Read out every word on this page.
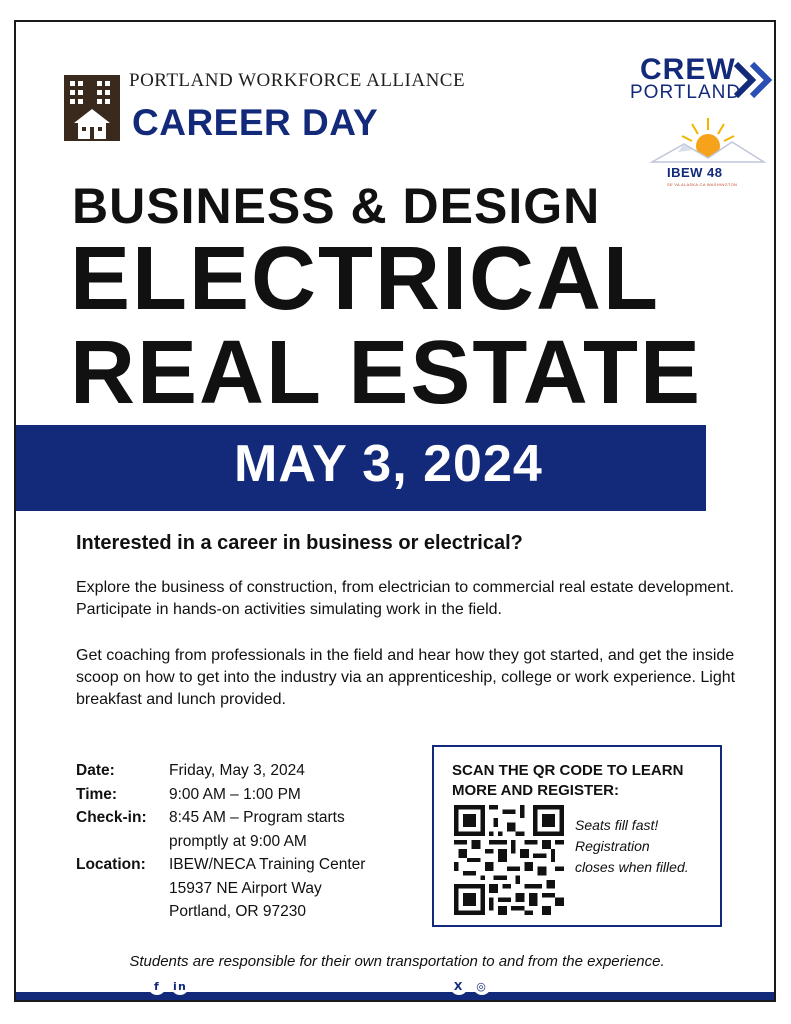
PORTLAND WORKFORCE ALLIANCE
CAREER DAY
CREW
PORTLAND
IBEW 48
SE VA ALASKA CA WASHINGTON
BUSINESS & DESIGN
ELECTRICAL
REAL ESTATE
MAY 3, 2024
Interested in a career in business or electrical?
Explore the business of construction, from electrician to commercial real estate development. Participate in hands-on activities simulating work in the field.
Get coaching from professionals in the field and hear how they got started, and get the inside scoop on how to get into the industry via an apprenticeship, college or work experience. Light breakfast and lunch provided.
Date:	Friday, May 3, 2024
Time:	9:00 AM – 1:00 PM
Check-in:	8:45 AM – Program starts
promptly at 9:00 AM
Location:	IBEW/NECA Training Center
15937 NE Airport Way
Portland, OR 97230
SCAN THE QR CODE TO LEARN MORE AND REGISTER:
Seats fill fast!
Registration
closes when filled.
Students are responsible for their own transportation to and from the experience.
f	in PORTLANDWORKFORCEALLIANCE	X	◎ PWORKFORCEA
